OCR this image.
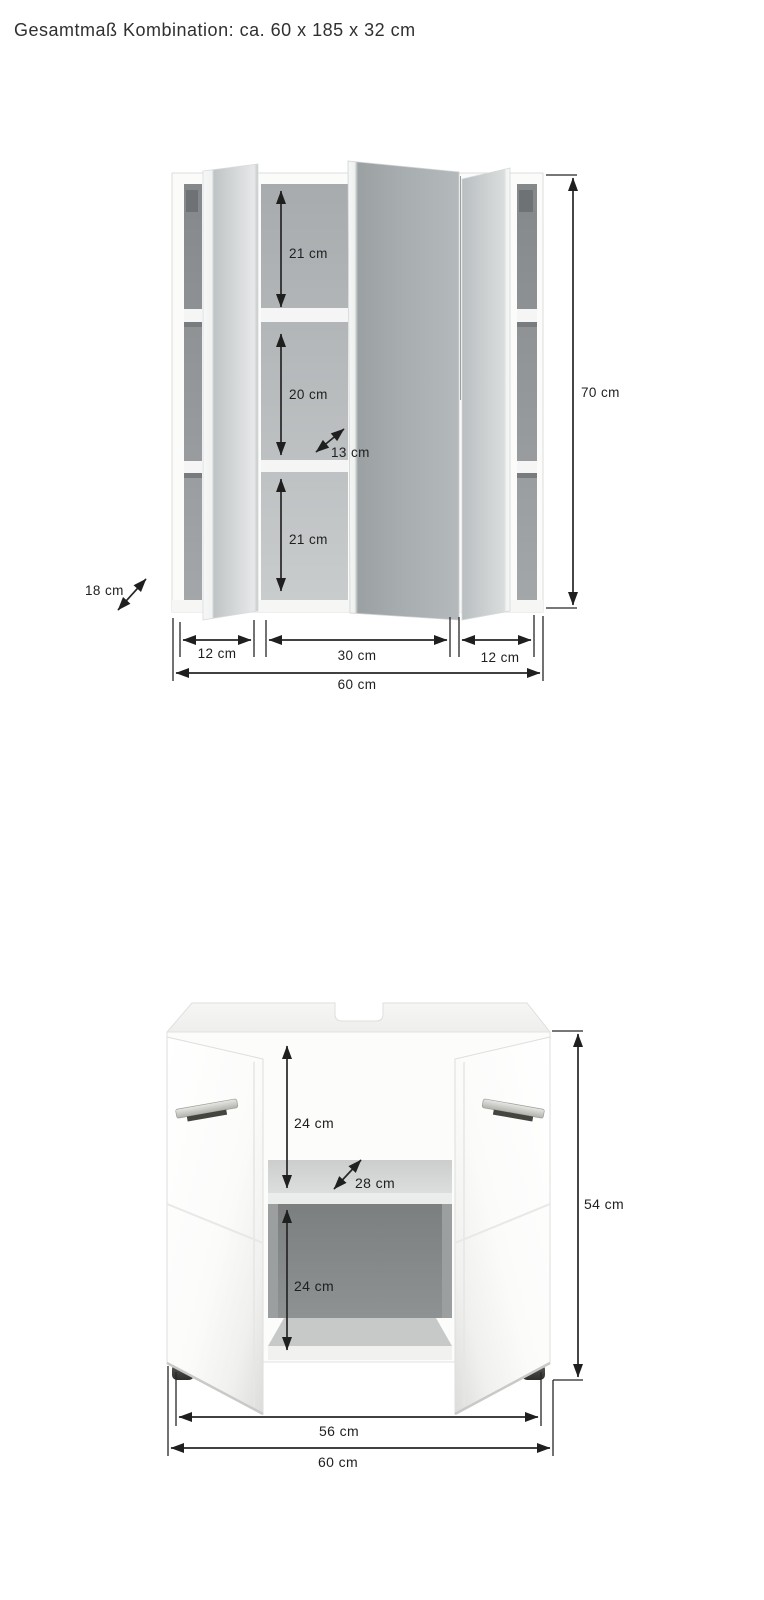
Gesamtmaß Kombination: ca. 60 x 185 x 32 cm
21 cm
20 cm
13 cm
21 cm
18 cm
70 cm
12 cm	30 cm	12 cm
60 cm
24 cm
28 cm
24 cm
54 cm
56 cm
60 cm
